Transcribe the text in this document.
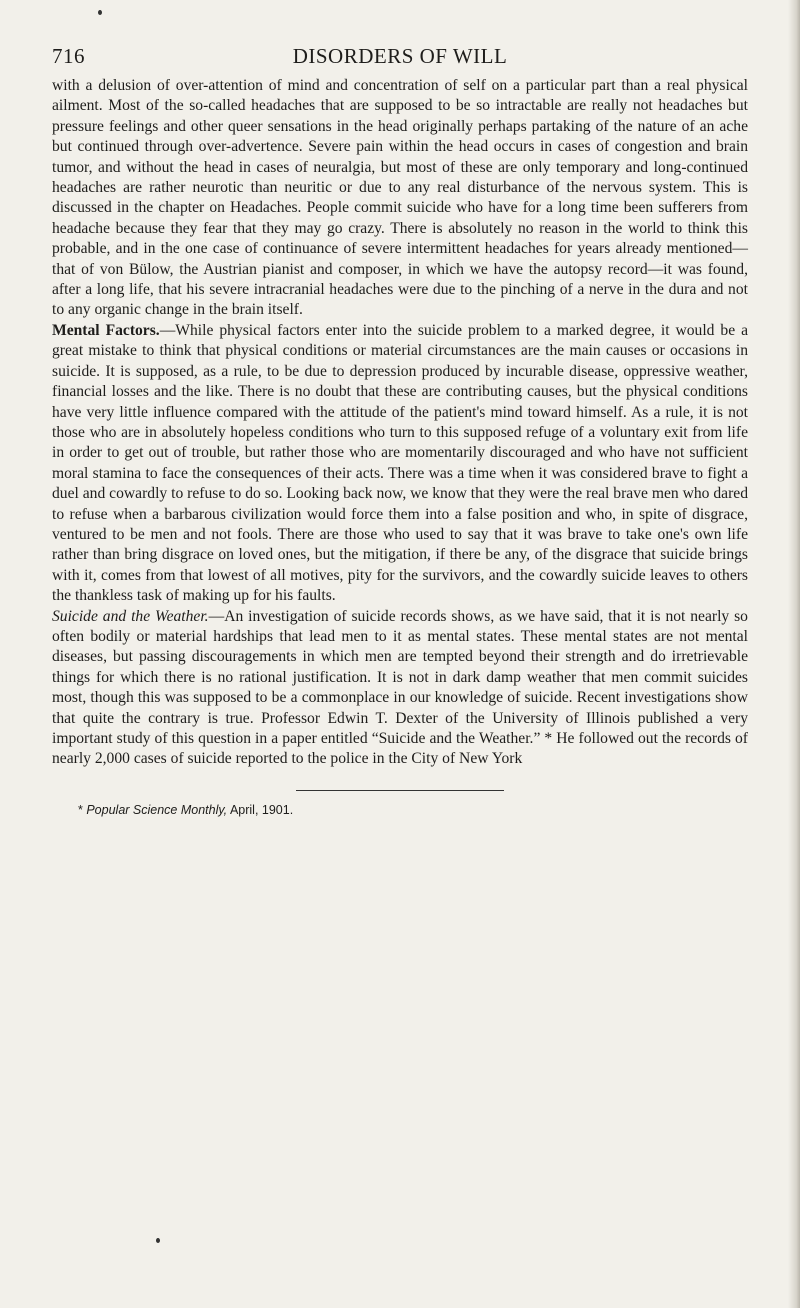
716	DISORDERS OF WILL

with a delusion of over-attention of mind and concentration of self on a particular part than a real physical ailment. Most of the so-called headaches that are supposed to be so intractable are really not headaches but pressure feelings and other queer sensations in the head originally perhaps partaking of the nature of an ache but continued through over-advertence. Severe pain within the head occurs in cases of congestion and brain tumor, and without the head in cases of neuralgia, but most of these are only temporary and long-continued headaches are rather neurotic than neuritic or due to any real disturbance of the nervous system. This is discussed in the chapter on Headaches. People commit suicide who have for a long time been sufferers from headache because they fear that they may go crazy. There is absolutely no reason in the world to think this probable, and in the one case of continuance of severe intermittent headaches for years already mentioned—that of von Bülow, the Austrian pianist and composer, in which we have the autopsy record—it was found, after a long life, that his severe intracranial headaches were due to the pinching of a nerve in the dura and not to any organic change in the brain itself.

Mental Factors.—While physical factors enter into the suicide problem to a marked degree, it would be a great mistake to think that physical conditions or material circumstances are the main causes or occasions in suicide. It is supposed, as a rule, to be due to depression produced by incurable disease, oppressive weather, financial losses and the like. There is no doubt that these are contributing causes, but the physical conditions have very little influence compared with the attitude of the patient's mind toward himself. As a rule, it is not those who are in absolutely hopeless conditions who turn to this supposed refuge of a voluntary exit from life in order to get out of trouble, but rather those who are momentarily discouraged and who have not sufficient moral stamina to face the consequences of their acts. There was a time when it was considered brave to fight a duel and cowardly to refuse to do so. Looking back now, we know that they were the real brave men who dared to refuse when a barbarous civilization would force them into a false position and who, in spite of disgrace, ventured to be men and not fools. There are those who used to say that it was brave to take one's own life rather than bring disgrace on loved ones, but the mitigation, if there be any, of the disgrace that suicide brings with it, comes from that lowest of all motives, pity for the survivors, and the cowardly suicide leaves to others the thankless task of making up for his faults.

Suicide and the Weather.—An investigation of suicide records shows, as we have said, that it is not nearly so often bodily or material hardships that lead men to it as mental states. These mental states are not mental diseases, but passing discouragements in which men are tempted beyond their strength and do irretrievable things for which there is no rational justification. It is not in dark damp weather that men commit suicides most, though this was supposed to be a commonplace in our knowledge of suicide. Recent investigations show that quite the contrary is true. Professor Edwin T. Dexter of the University of Illinois published a very important study of this question in a paper entitled “Suicide and the Weather.” * He followed out the records of nearly 2,000 cases of suicide reported to the police in the City of New York

* Popular Science Monthly, April, 1901.
